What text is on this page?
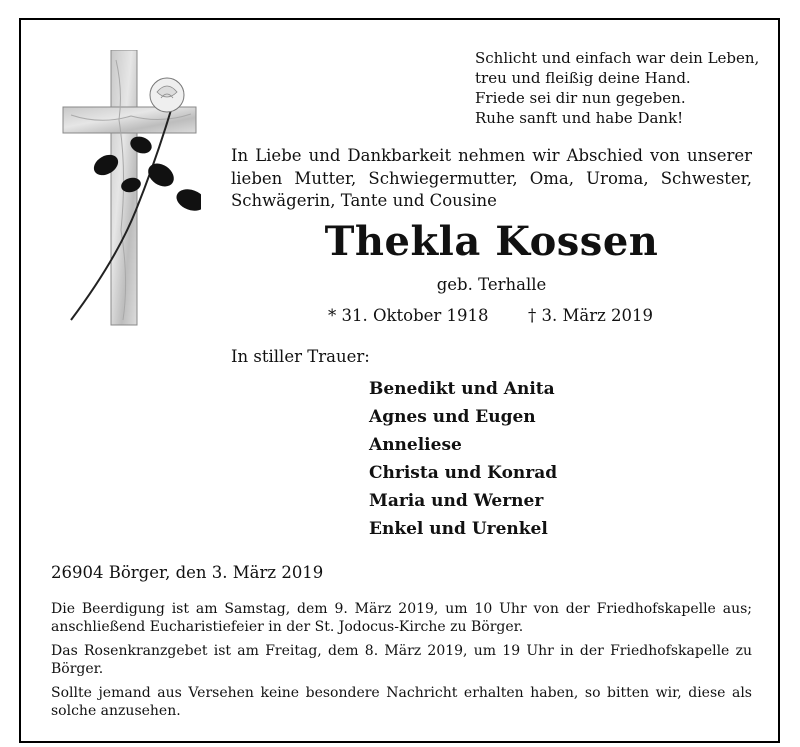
Schlicht und einfach war dein Leben,
treu und fleißig deine Hand.
Friede sei dir nun gegeben.
Ruhe sanft und habe Dank!
In Liebe und Dankbarkeit nehmen wir Abschied von unserer lieben Mutter, Schwiegermutter, Oma, Uroma, Schwester, Schwägerin, Tante und Cousine
Thekla Kossen
geb. Terhalle
* 31. Oktober 1918 † 3. März 2019
In stiller Trauer:
Benedikt und Anita
Agnes und Eugen
Anneliese
Christa und Konrad
Maria und Werner
Enkel und Urenkel
26904 Börger, den 3. März 2019

Die Beerdigung ist am Samstag, dem 9. März 2019, um 10 Uhr von der Friedhofskapelle aus; anschließend Eucharistiefeier in der St. Jodocus-Kirche zu Börger.

Das Rosenkranzgebet ist am Freitag, dem 8. März 2019, um 19 Uhr in der Friedhofskapelle zu Börger.

Sollte jemand aus Versehen keine besondere Nachricht erhalten haben, so bitten wir, diese als solche anzusehen.
